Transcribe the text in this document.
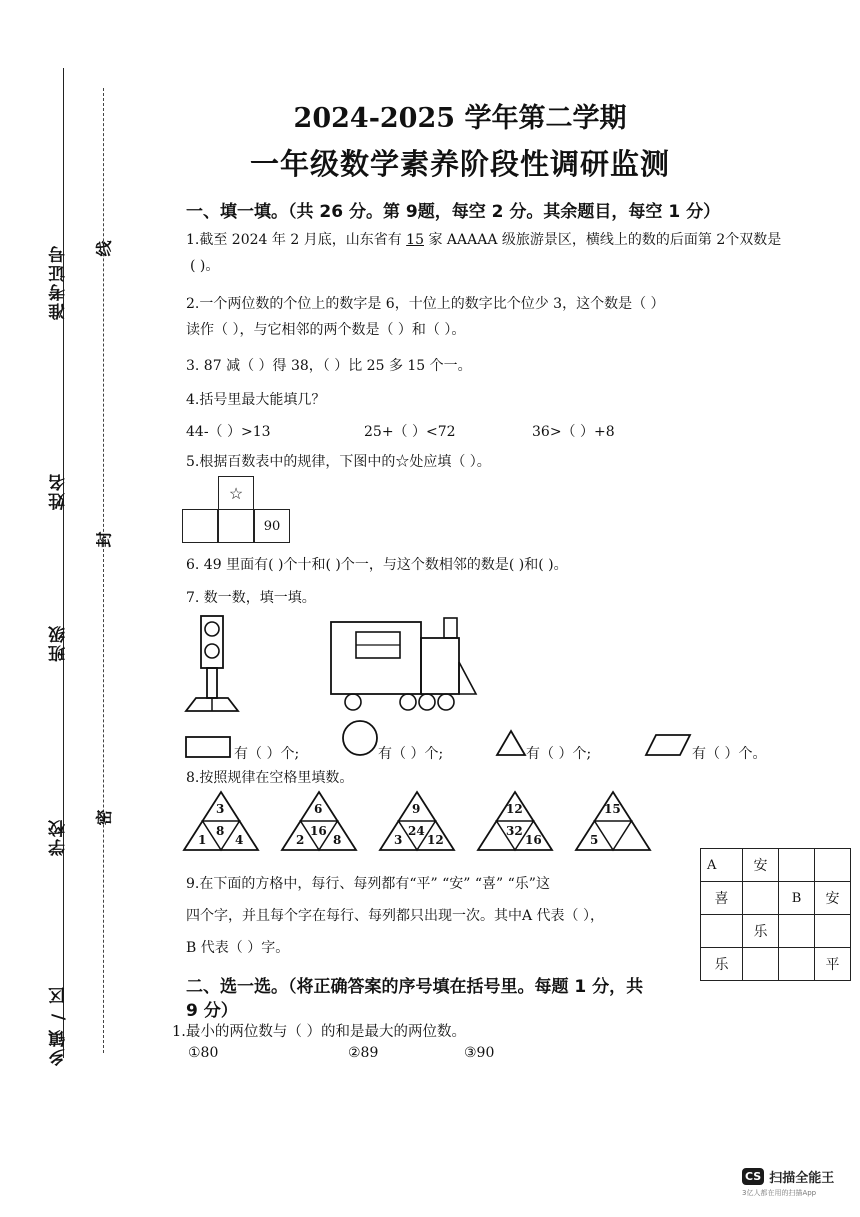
准考证号
姓名
班级
学校
乡镇 / 区
线
封
密
2024-2025 学年第二学期
一年级数学素养阶段性调研监测
一、填一填。（共 26 分。第 9题，每空 2 分。其余题目，每空 1 分）
1.截至 2024 年 2 月底，山东省有 15 家 AAAAA 级旅游景区，横线上的数的后面第 2个双数是
( )。
2.一个两位数的个位上的数字是 6，十位上的数字比个位少 3，这个数是（ ）
读作（ ），与它相邻的两个数是（ ）和（ ）。
3. 87 减（ ）得 38，（ ）比 25 多 15 个一。
4.括号里最大能填几？
44-（ ）>13	25+（ ）<72	36>（ ）+8
5.根据百数表中的规律，下图中的☆处应填（ ）。
☆
90
6. 49 里面有( )个十和( )个一，与这个数相邻的数是( )和( )。
7. 数一数，填一填。
有（ ）个;	有（ ）个;	有（ ）个;	有（ ）个。
8.按照规律在空格里填数。
3
8
1 4
6
16
2 8
9
24
3 12
12
32
16
15
5
9.在下面的方格中，每行、每列都有“平” “安” “喜” “乐”这
四个字，并且每个字在每行、每列都只出现一次。其中A 代表（ ），
B 代表（ ）字。
A	安		
喜		B	安
	乐		
乐			平
二、选一选。（将正确答案的序号填在括号里。每题 1 分，共
9 分）
1.最小的两位数与（ ）的和是最大的两位数。
①80	②89	③90
CS 扫描全能王
3亿人都在用的扫描App
